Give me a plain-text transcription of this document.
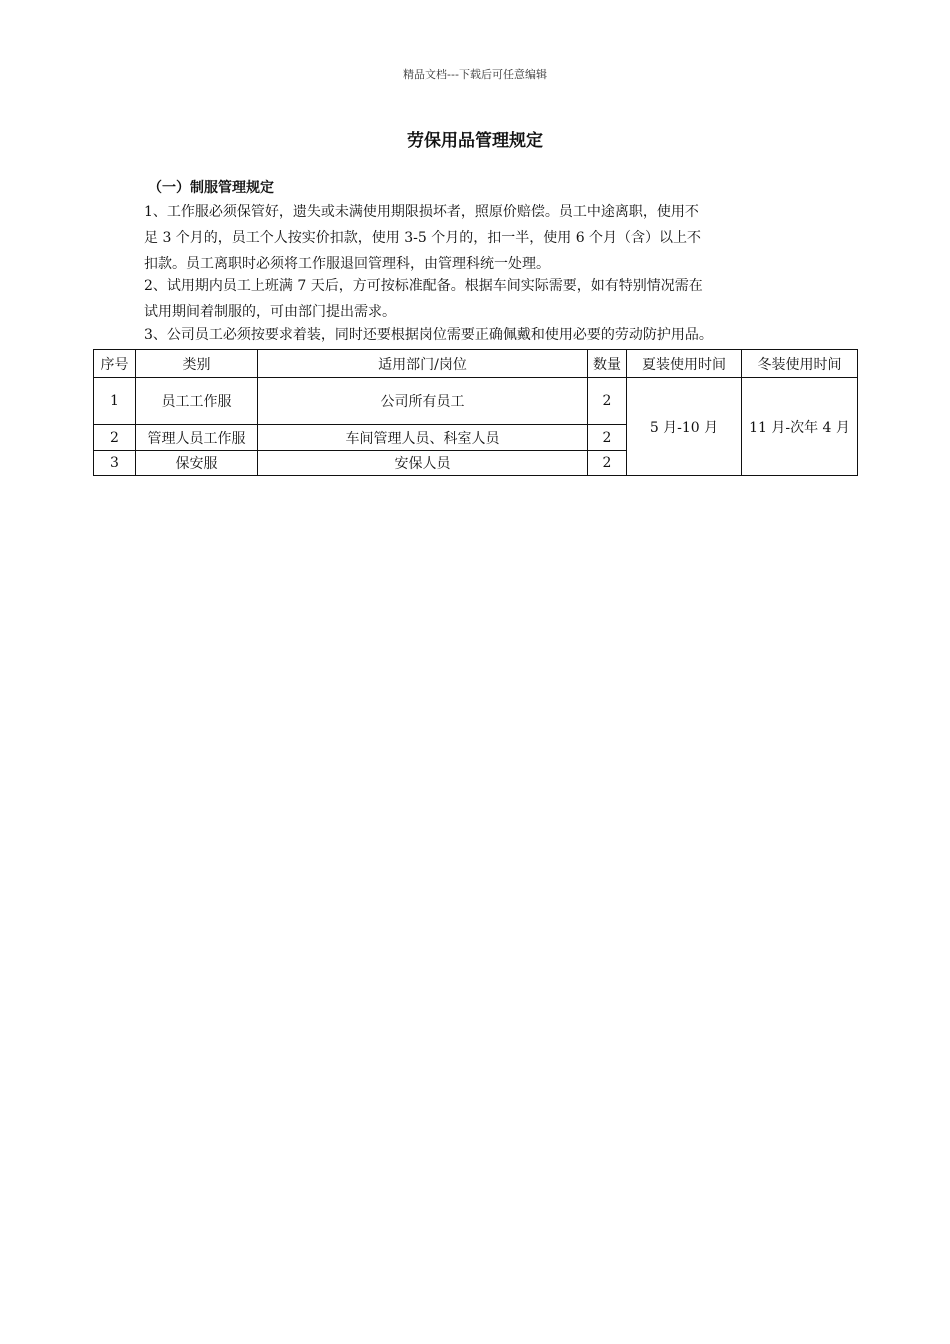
精品文档---下载后可任意编辑
劳保用品管理规定
（一）制服管理规定
1、工作服必须保管好，遗失或未满使用期限损坏者，照原价赔偿。员工中途离职，使用不
足 3 个月的，员工个人按实价扣款，使用 3-5 个月的，扣一半，使用 6 个月（含）以上不
扣款。员工离职时必须将工作服退回管理科，由管理科统一处理。
2、试用期内员工上班满 7 天后，方可按标准配备。根据车间实际需要，如有特别情况需在
试用期间着制服的，可由部门提出需求。
3、公司员工必须按要求着装，同时还要根据岗位需要正确佩戴和使用必要的劳动防护用品。
序号	类别	适用部门/岗位	数量	夏装使用时间	冬装使用时间
1	员工工作服	公司所有员工	2	5 月-10 月	11 月-次年 4 月
2	管理人员工作服	车间管理人员、科室人员	2		
3	保安服	安保人员	2		
